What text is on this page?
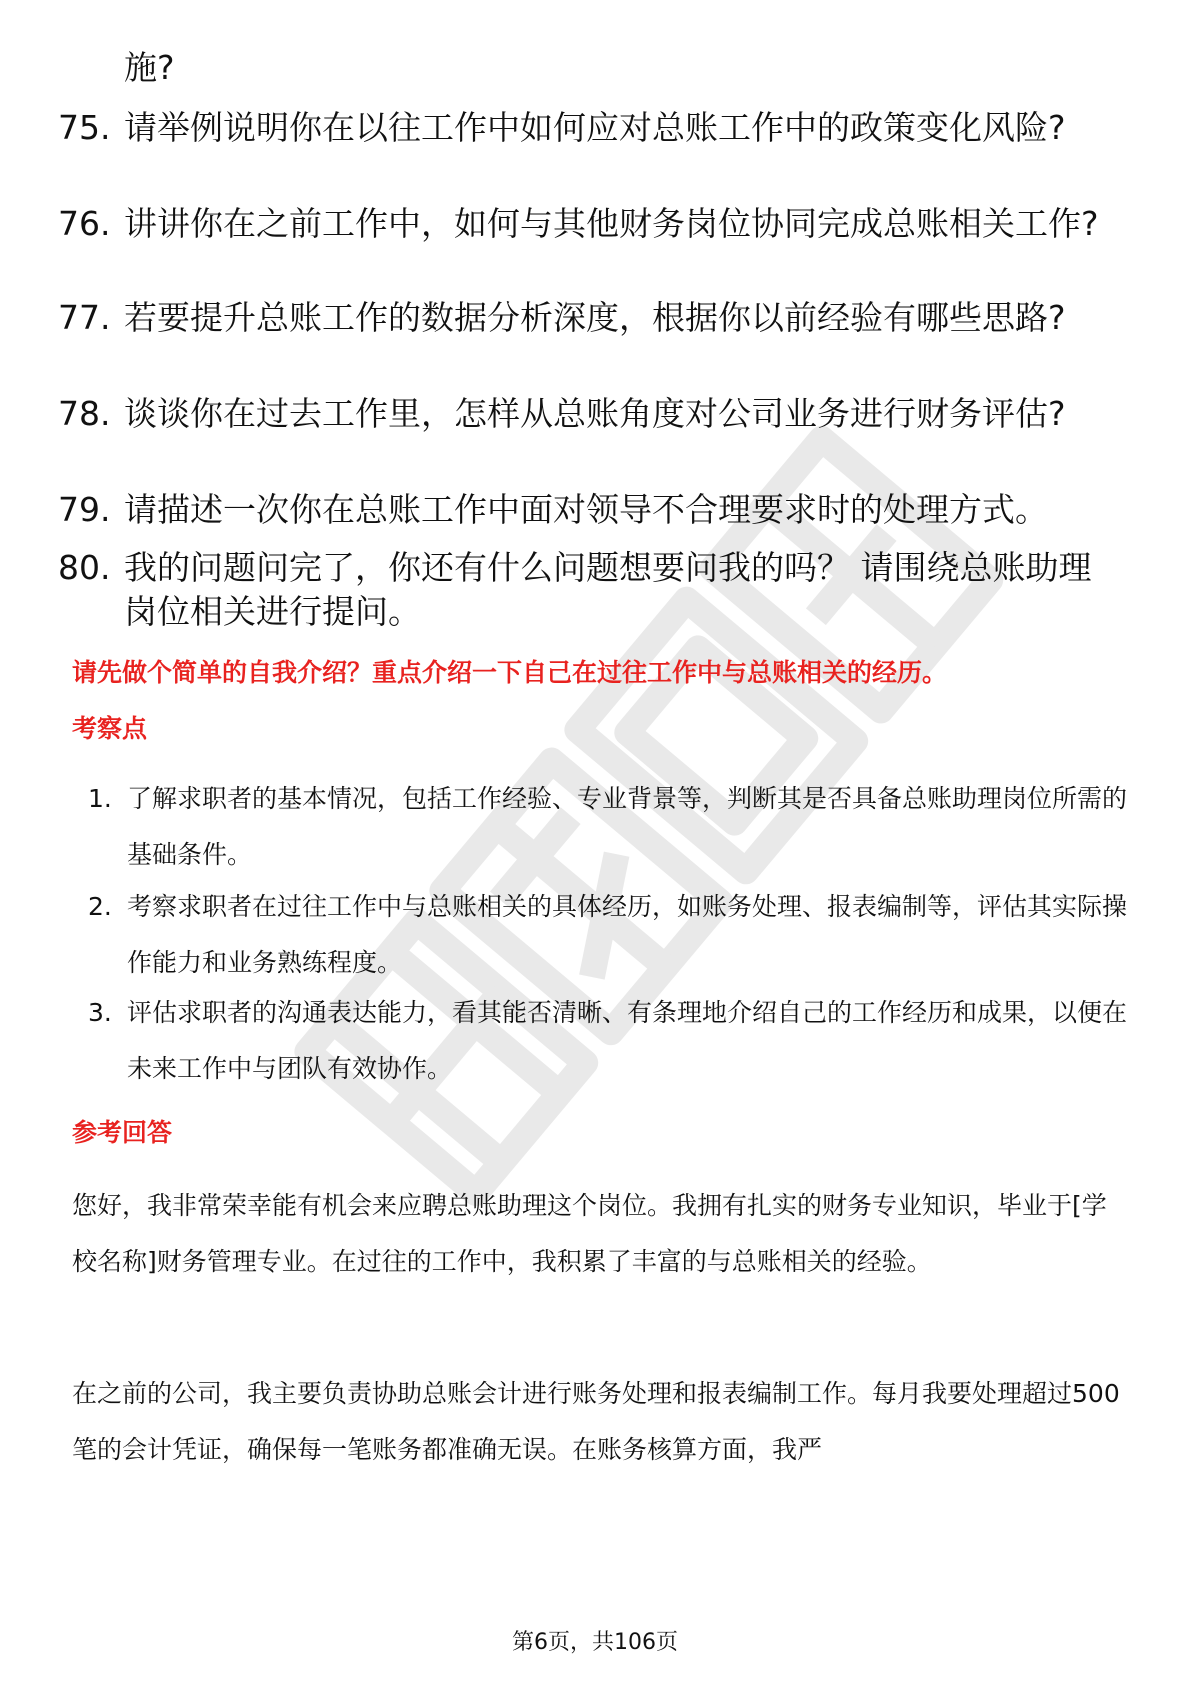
施?
75. 请举例说明你在以往工作中如何应对总账工作中的政策变化风险?
76. 讲讲你在之前工作中，如何与其他财务岗位协同完成总账相关工作?
77. 若要提升总账工作的数据分析深度，根据你以前经验有哪些思路?
78. 谈谈你在过去工作里，怎样从总账角度对公司业务进行财务评估?
79. 请描述一次你在总账工作中面对领导不合理要求时的处理方式。
80. 我的问题问完了，你还有什么问题想要问我的吗？ 请围绕总账助理岗位相关进行提问。
请先做个简单的自我介绍？重点介绍一下自己在过往工作中与总账相关的经历。
考察点
1. 了解求职者的基本情况，包括工作经验、专业背景等，判断其是否具备总账助理岗位所需的基础条件。
2. 考察求职者在过往工作中与总账相关的具体经历，如账务处理、报表编制等，评估其实际操作能力和业务熟练程度。
3. 评估求职者的沟通表达能力，看其能否清晰、有条理地介绍自己的工作经历和成果，以便在未来工作中与团队有效协作。
参考回答
您好，我非常荣幸能有机会来应聘总账助理这个岗位。我拥有扎实的财务专业知识，毕业于[学校名称]财务管理专业。在过往的工作中，我积累了丰富的与总账相关的经验。
在之前的公司，我主要负责协助总账会计进行账务处理和报表编制工作。每月我要处理超过500笔的会计凭证，确保每一笔账务都准确无误。在账务核算方面，我严
第6页，共106页
